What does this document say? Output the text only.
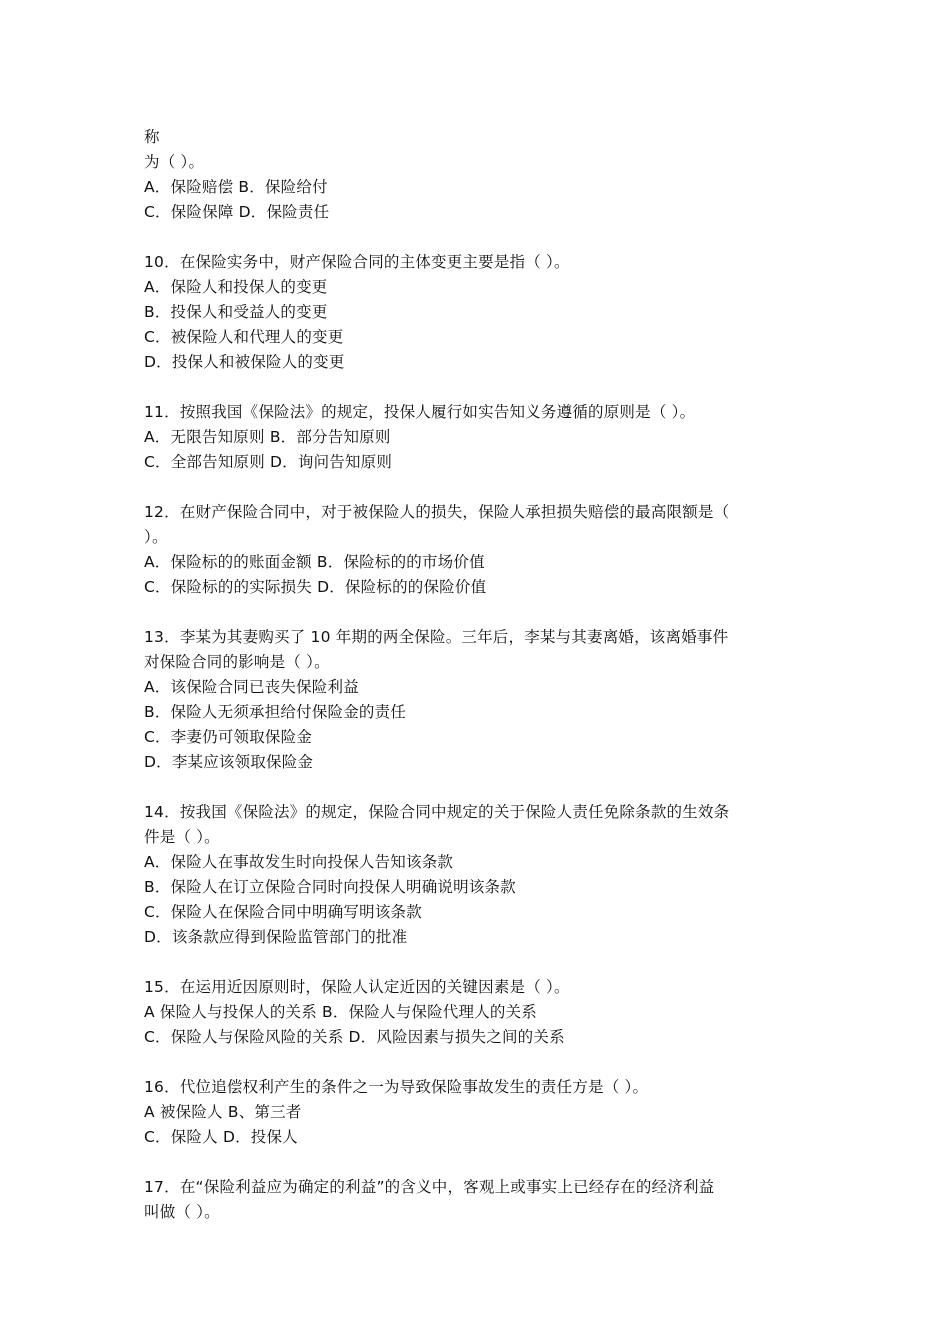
称
为（ ）。
A．保险赔偿 B．保险给付
C．保险保障 D．保险责任
10．在保险实务中，财产保险合同的主体变更主要是指（ ）。
A．保险人和投保人的变更
B．投保人和受益人的变更
C．被保险人和代理人的变更
D．投保人和被保险人的变更
11．按照我国《保险法》的规定，投保人履行如实告知义务遵循的原则是（ ）。
A．无限告知原则 B．部分告知原则
C．全部告知原则 D．询问告知原则
12．在财产保险合同中，对于被保险人的损失，保险人承担损失赔偿的最高限额是（
）。
A．保险标的的账面金额 B．保险标的的市场价值
C．保险标的的实际损失 D．保险标的的保险价值
13．李某为其妻购买了 10 年期的两全保险。三年后，李某与其妻离婚，该离婚事件
对保险合同的影响是（ ）。
A．该保险合同已丧失保险利益
B．保险人无须承担给付保险金的责任
C．李妻仍可领取保险金
D．李某应该领取保险金
14．按我国《保险法》的规定，保险合同中规定的关于保险人责任免除条款的生效条
件是（ ）。
A．保险人在事故发生时向投保人告知该条款
B．保险人在订立保险合同时向投保人明确说明该条款
C．保险人在保险合同中明确写明该条款
D．该条款应得到保险监管部门的批准
15．在运用近因原则时，保险人认定近因的关键因素是（ ）。
A 保险人与投保人的关系 B．保险人与保险代理人的关系
C．保险人与保险风险的关系 D．风险因素与损失之间的关系
16．代位追偿权利产生的条件之一为导致保险事故发生的责任方是（ ）。
A 被保险人 B、第三者
C．保险人 D．投保人
17．在“保险利益应为确定的利益”的含义中，客观上或事实上已经存在的经济利益
叫做（ ）。
